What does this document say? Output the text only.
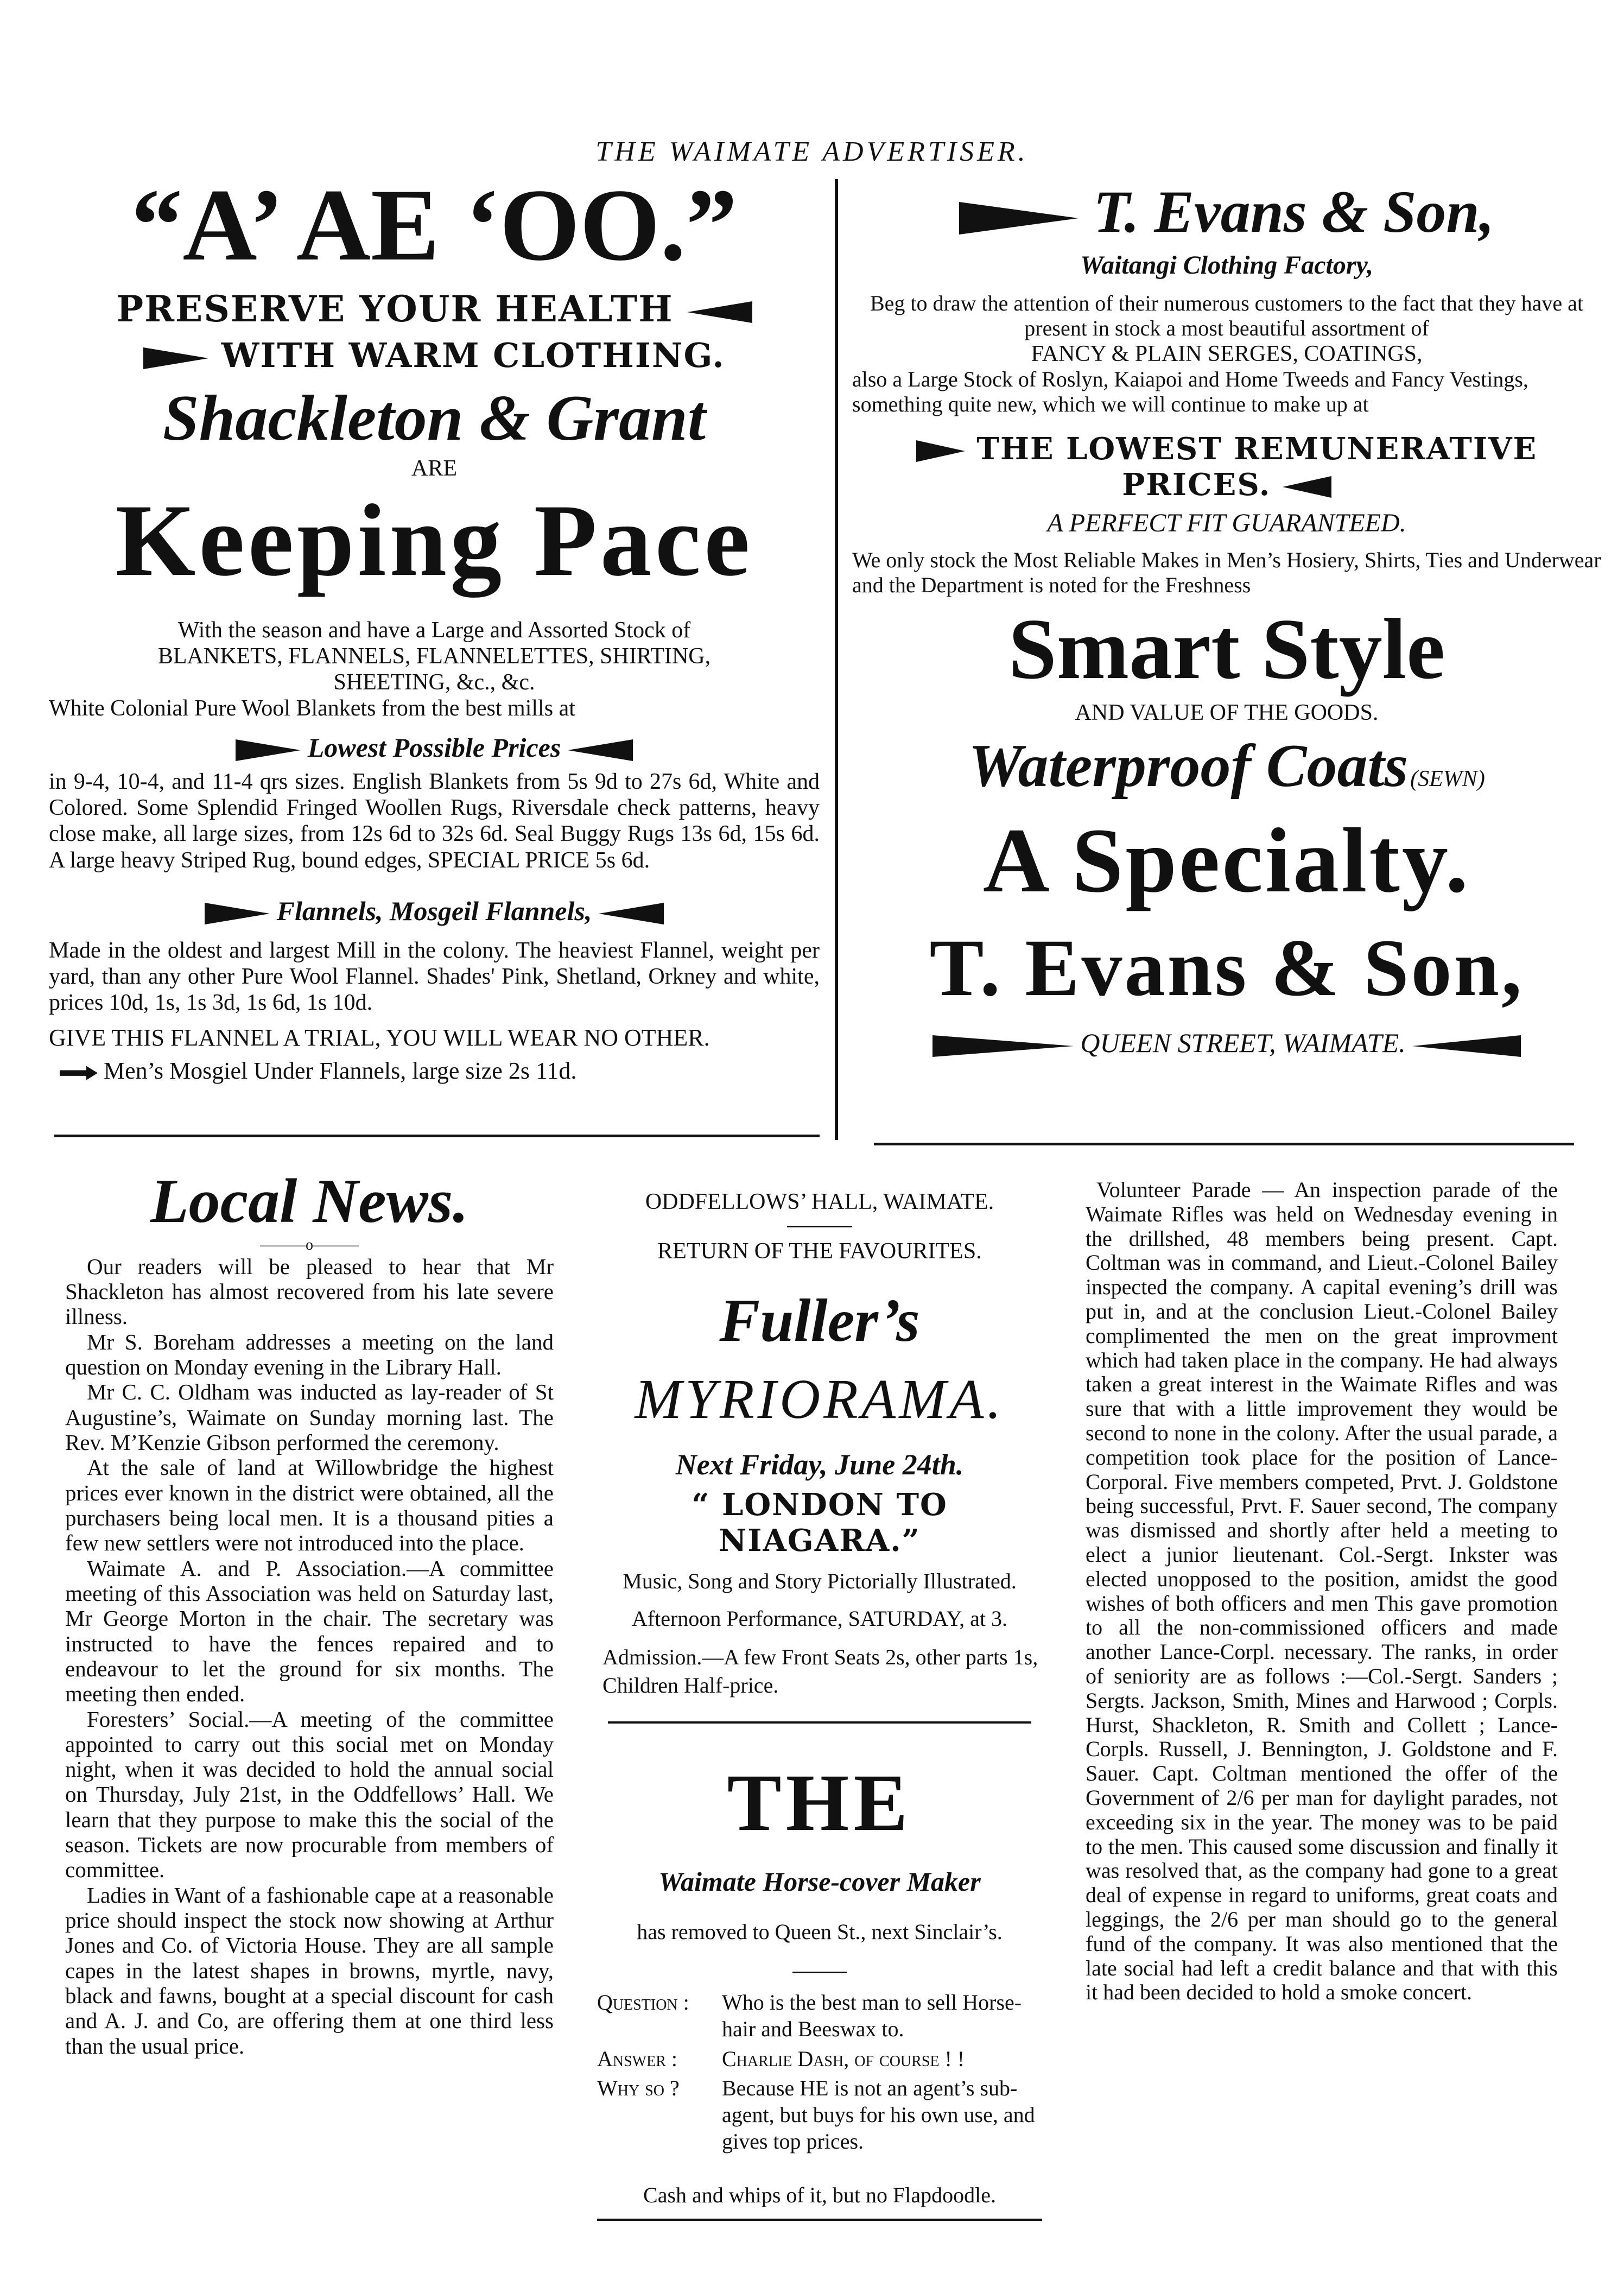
THE WAIMATE ADVERTISER.
“A’ AE ‘OO.”
PRESERVE YOUR HEALTH
WITH WARM CLOTHING.
Shackleton & Grant
ARE
Keeping Pace
With the season and have a Large and Assorted Stock of BLANKETS, FLANNELS, FLANNELETTES, SHIRTING, SHEETING, &c., &c.
White Colonial Pure Wool Blankets from the best mills at
Lowest Possible Prices
in 9-4, 10-4, and 11-4 qrs sizes. English Blankets from 5s 9d to 27s 6d, White and Colored. Some Splendid Fringed Woollen Rugs, Riversdale check patterns, heavy close make, all large sizes, from 12s 6d to 32s 6d. Seal Buggy Rugs 13s 6d, 15s 6d. A large heavy Striped Rug, bound edges, SPECIAL PRICE 5s 6d.
Flannels, Mosgeil Flannels,
Made in the oldest and largest Mill in the colony. The heaviest Flannel, weight per yard, than any other Pure Wool Flannel. Shades' Pink, Shetland, Orkney and white, prices 10d, 1s, 1s 3d, 1s 6d, 1s 10d.
GIVE THIS FLANNEL A TRIAL, YOU WILL WEAR NO OTHER.
Men’s Mosgiel Under Flannels, large size 2s 11d.
T. Evans & Son,
Waitangi Clothing Factory,
Beg to draw the attention of their numerous customers to the fact that they have at present in stock a most beautiful assortment of
FANCY & PLAIN SERGES, COATINGS,
also a Large Stock of Roslyn, Kaiapoi and Home Tweeds and Fancy Vestings, something quite new, which we will continue to make up at
THE LOWEST REMUNERATIVE PRICES.
A PERFECT FIT GUARANTEED.
We only stock the Most Reliable Makes in Men’s Hosiery, Shirts, Ties and Underwear and the Department is noted for the Freshness
Smart Style
AND VALUE OF THE GOODS.
Waterproof Coats (SEWN)
A Specialty.
T. Evans & Son,
QUEEN STREET, WAIMATE.
Local News.
———o———

Our readers will be pleased to hear that Mr Shackleton has almost recovered from his late severe illness.

Mr S. Boreham addresses a meeting on the land question on Monday evening in the Library Hall.

Mr C. C. Oldham was inducted as lay-reader of St Augustine’s, Waimate on Sunday morning last. The Rev. M’Kenzie Gibson performed the ceremony.

At the sale of land at Willowbridge the highest prices ever known in the district were obtained, all the purchasers being local men. It is a thousand pities a few new settlers were not introduced into the place.

Waimate A. and P. Association.—A committee meeting of this Association was held on Saturday last, Mr George Morton in the chair. The secretary was instructed to have the fences repaired and to endeavour to let the ground for six months. The meeting then ended.

Foresters’ Social.—A meeting of the committee appointed to carry out this social met on Monday night, when it was decided to hold the annual social on Thursday, July 21st, in the Oddfellows’ Hall. We learn that they purpose to make this the social of the season. Tickets are now procurable from members of committee.

Ladies in Want of a fashionable cape at a reasonable price should inspect the stock now showing at Arthur Jones and Co. of Victoria House. They are all sample capes in the latest shapes in browns, myrtle, navy, black and fawns, bought at a special discount for cash and A. J. and Co, are offering them at one third less than the usual price.

ODDFELLOWS’ HALL, WAIMATE.
RETURN OF THE FAVOURITES.
Fuller’s
MYRIORAMA.
Next Friday, June 24th.
“ LONDON TO NIAGARA.”
Music, Song and Story Pictorially Illustrated.
Afternoon Performance, SATURDAY, at 3.
Admission.—A few Front Seats 2s, other parts 1s, Children Half-price.
THE
Waimate Horse-cover Maker
has removed to Queen St., next Sinclair’s.
Question :	Who is the best man to sell Horse-hair and Beeswax to.
Answer :	Charlie Dash, of course ! !
Why so ?	Because HE is not an agent’s sub-agent, but buys for his own use, and gives top prices.
Cash and whips of it, but no Flapdoodle.

Volunteer Parade — An inspection parade of the Waimate Rifles was held on Wednesday evening in the drillshed, 48 members being present. Capt. Coltman was in command, and Lieut.-Colonel Bailey inspected the company. A capital evening’s drill was put in, and at the conclusion Lieut.-Colonel Bailey complimented the men on the great improvment which had taken place in the company. He had always taken a great interest in the Waimate Rifles and was sure that with a little improvement they would be second to none in the colony. After the usual parade, a competition took place for the position of Lance-Corporal. Five members competed, Prvt. J. Goldstone being successful, Prvt. F. Sauer second, The company was dismissed and shortly after held a meeting to elect a junior lieutenant. Col.-Sergt. Inkster was elected unopposed to the position, amidst the good wishes of both officers and men This gave promotion to all the non-commissioned officers and made another Lance-Corpl. necessary. The ranks, in order of seniority are as follows :—Col.-Sergt. Sanders ; Sergts. Jackson, Smith, Mines and Harwood ; Corpls. Hurst, Shackleton, R. Smith and Collett ; Lance-Corpls. Russell, J. Bennington, J. Goldstone and F. Sauer. Capt. Coltman mentioned the offer of the Government of 2/6 per man for daylight parades, not exceeding six in the year. The money was to be paid to the men. This caused some discussion and finally it was resolved that, as the company had gone to a great deal of expense in regard to uniforms, great coats and leggings, the 2/6 per man should go to the general fund of the company. It was also mentioned that the late social had left a credit balance and that with this it had been decided to hold a smoke concert.
